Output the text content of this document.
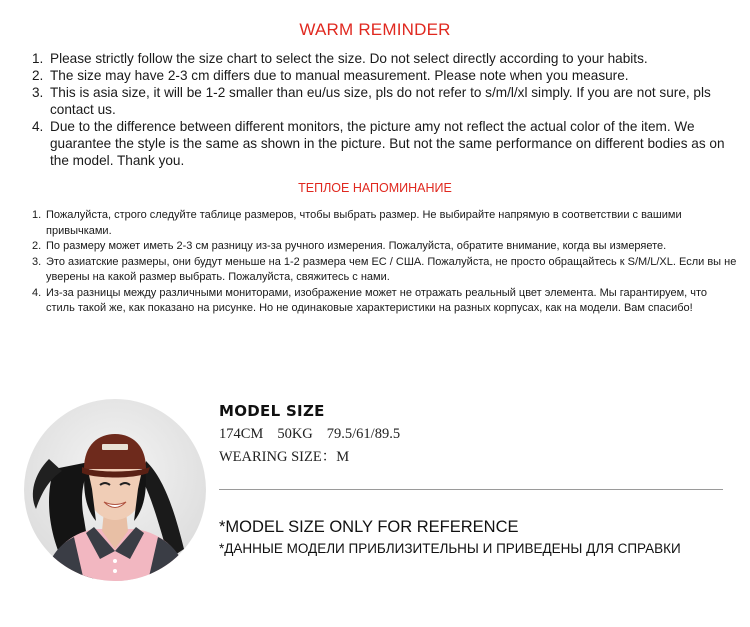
WARM REMINDER
1. Please strictly follow the size chart to select the size. Do not select directly according to your habits.
2. The size may have 2-3 cm differs due to manual measurement. Please note when you measure.
3. This is asia size, it will be 1-2 smaller than eu/us size, pls do not refer to s/m/l/xl simply. If you are not sure, pls contact us.
4. Due to the difference between different monitors, the picture amy not reflect the actual color of the item. We guarantee the style is the same as shown in the picture. But not the same performance on different bodies as on the model. Thank you.
ТЕПЛОЕ НАПОМИНАНИЕ
1. Пожалуйста, строго следуйте таблице размеров, чтобы выбрать размер. Не выбирайте напрямую в соответствии с вашими привычками.
2. По размеру может иметь 2-3 см разницу из-за ручного измерения. Пожалуйста, обратите внимание, когда вы измеряете.
3. Это азиатские размеры, они будут меньше на 1-2 размера чем ЕС / США. Пожалуйста, не просто обращайтесь к S/M/L/XL. Если вы не уверены на какой размер выбрать. Пожалуйста, свяжитесь с нами.
4. Из-за разницы между различными мониторами, изображение может не отражать реальный цвет элемента. Мы гарантируем, что стиль такой же, как показано на рисунке. Но не одинаковые характеристики на разных корпусах, как на модели. Вам спасибо!
MODEL SIZE
174CM 50KG 79.5/61/89.5
WEARING SIZE：M
*MODEL SIZE ONLY FOR REFERENCE
*ДАННЫЕ МОДЕЛИ ПРИБЛИЗИТЕЛЬНЫ И ПРИВЕДЕНЫ ДЛЯ СПРАВКИ
